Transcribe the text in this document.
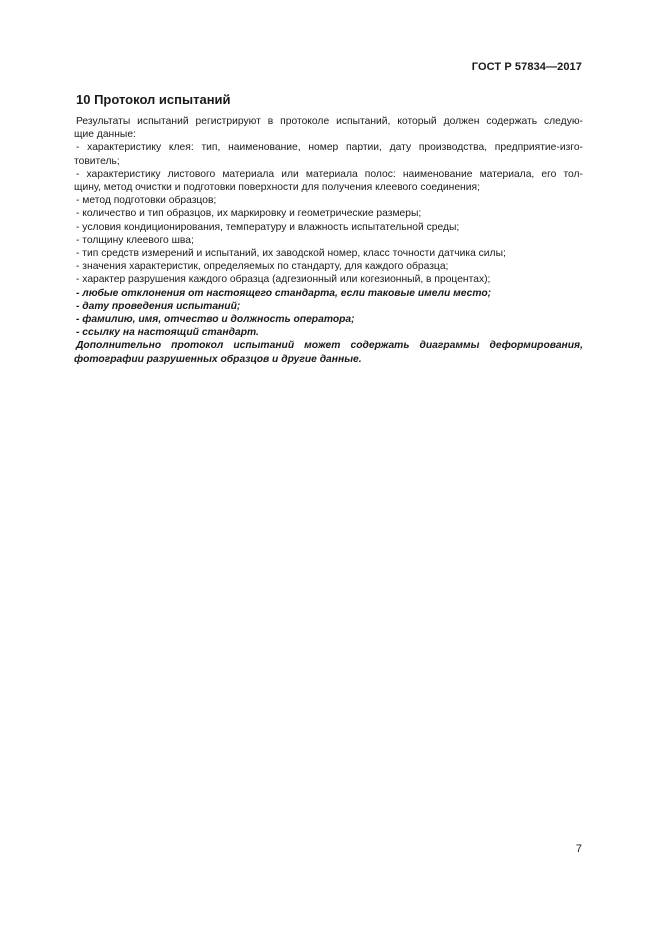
ГОСТ Р 57834—2017
10 Протокол испытаний
Результаты испытаний регистрируют в протоколе испытаний, который должен содержать следую-
щие данные:
- характеристику клея: тип, наименование, номер партии, дату производства, предприятие-изго-
товитель;
- характеристику листового материала или материала полос: наименование материала, его тол-
щину, метод очистки и подготовки поверхности для получения клеевого соединения;
- метод подготовки образцов;
- количество и тип образцов, их маркировку и геометрические размеры;
- условия кондиционирования, температуру и влажность испытательной среды;
- толщину клеевого шва;
- тип средств измерений и испытаний, их заводской номер, класс точности датчика силы;
- значения характеристик, определяемых по стандарту, для каждого образца;
- характер разрушения каждого образца (адгезионный или когезионный, в процентах);
- любые отклонения от настоящего стандарта, если таковые имели место;
- дату проведения испытаний;
- фамилию, имя, отчество и должность оператора;
- ссылку на настоящий стандарт.
Дополнительно протокол испытаний может содержать диаграммы деформирования,
фотографии разрушенных образцов и другие данные.
7
